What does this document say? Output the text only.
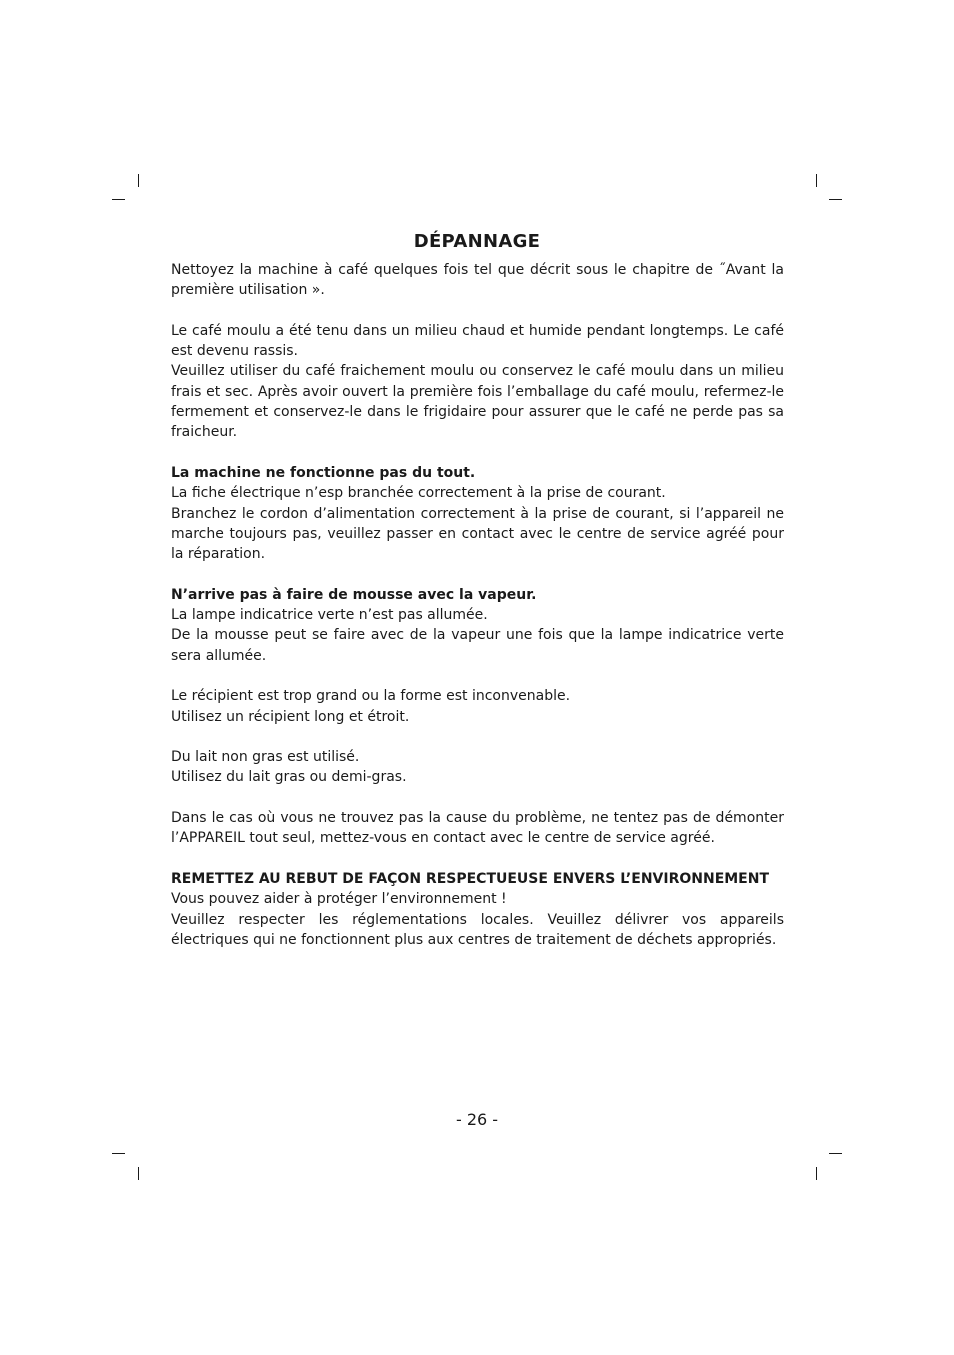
DÉPANNAGE

Nettoyez la machine à café quelques fois tel que décrit sous le chapitre de ˝Avant la première utilisation ».

Le café moulu a été tenu dans un milieu chaud et humide pendant longtemps. Le café est devenu rassis.

Veuillez utiliser du café fraichement moulu ou conservez le café moulu dans un milieu frais et sec. Après avoir ouvert la première fois l’emballage du café moulu, refermez-le fermement et conservez-le dans le frigidaire pour assurer que le café ne perde pas sa fraicheur.

La machine ne fonctionne pas du tout.

La fiche électrique n’esp branchée correctement à la prise de courant.

Branchez le cordon d’alimentation correctement à la prise de courant, si l’appareil ne marche toujours pas, veuillez passer en contact avec le centre de service agréé pour la réparation.

N’arrive pas à faire de mousse avec la vapeur.

La lampe indicatrice verte n’est pas allumée.

De la mousse peut se faire avec de la vapeur une fois que la lampe indicatrice verte sera allumée.

Le récipient est trop grand ou la forme est inconvenable.

Utilisez un récipient long et étroit.

Du lait non gras est utilisé.

Utilisez du lait gras ou demi-gras.

Dans le cas où vous ne trouvez pas la cause du problème, ne tentez pas de démonter l’APPAREIL tout seul, mettez-vous en contact avec le centre de service agréé.

REMETTEZ AU REBUT DE FAÇON RESPECTUEUSE ENVERS L’ENVIRONNEMENT

Vous pouvez aider à protéger l’environnement !

Veuillez respecter les réglementations locales. Veuillez délivrer vos appareils électriques qui ne fonctionnent plus aux centres de traitement de déchets appropriés.

- 26 -
